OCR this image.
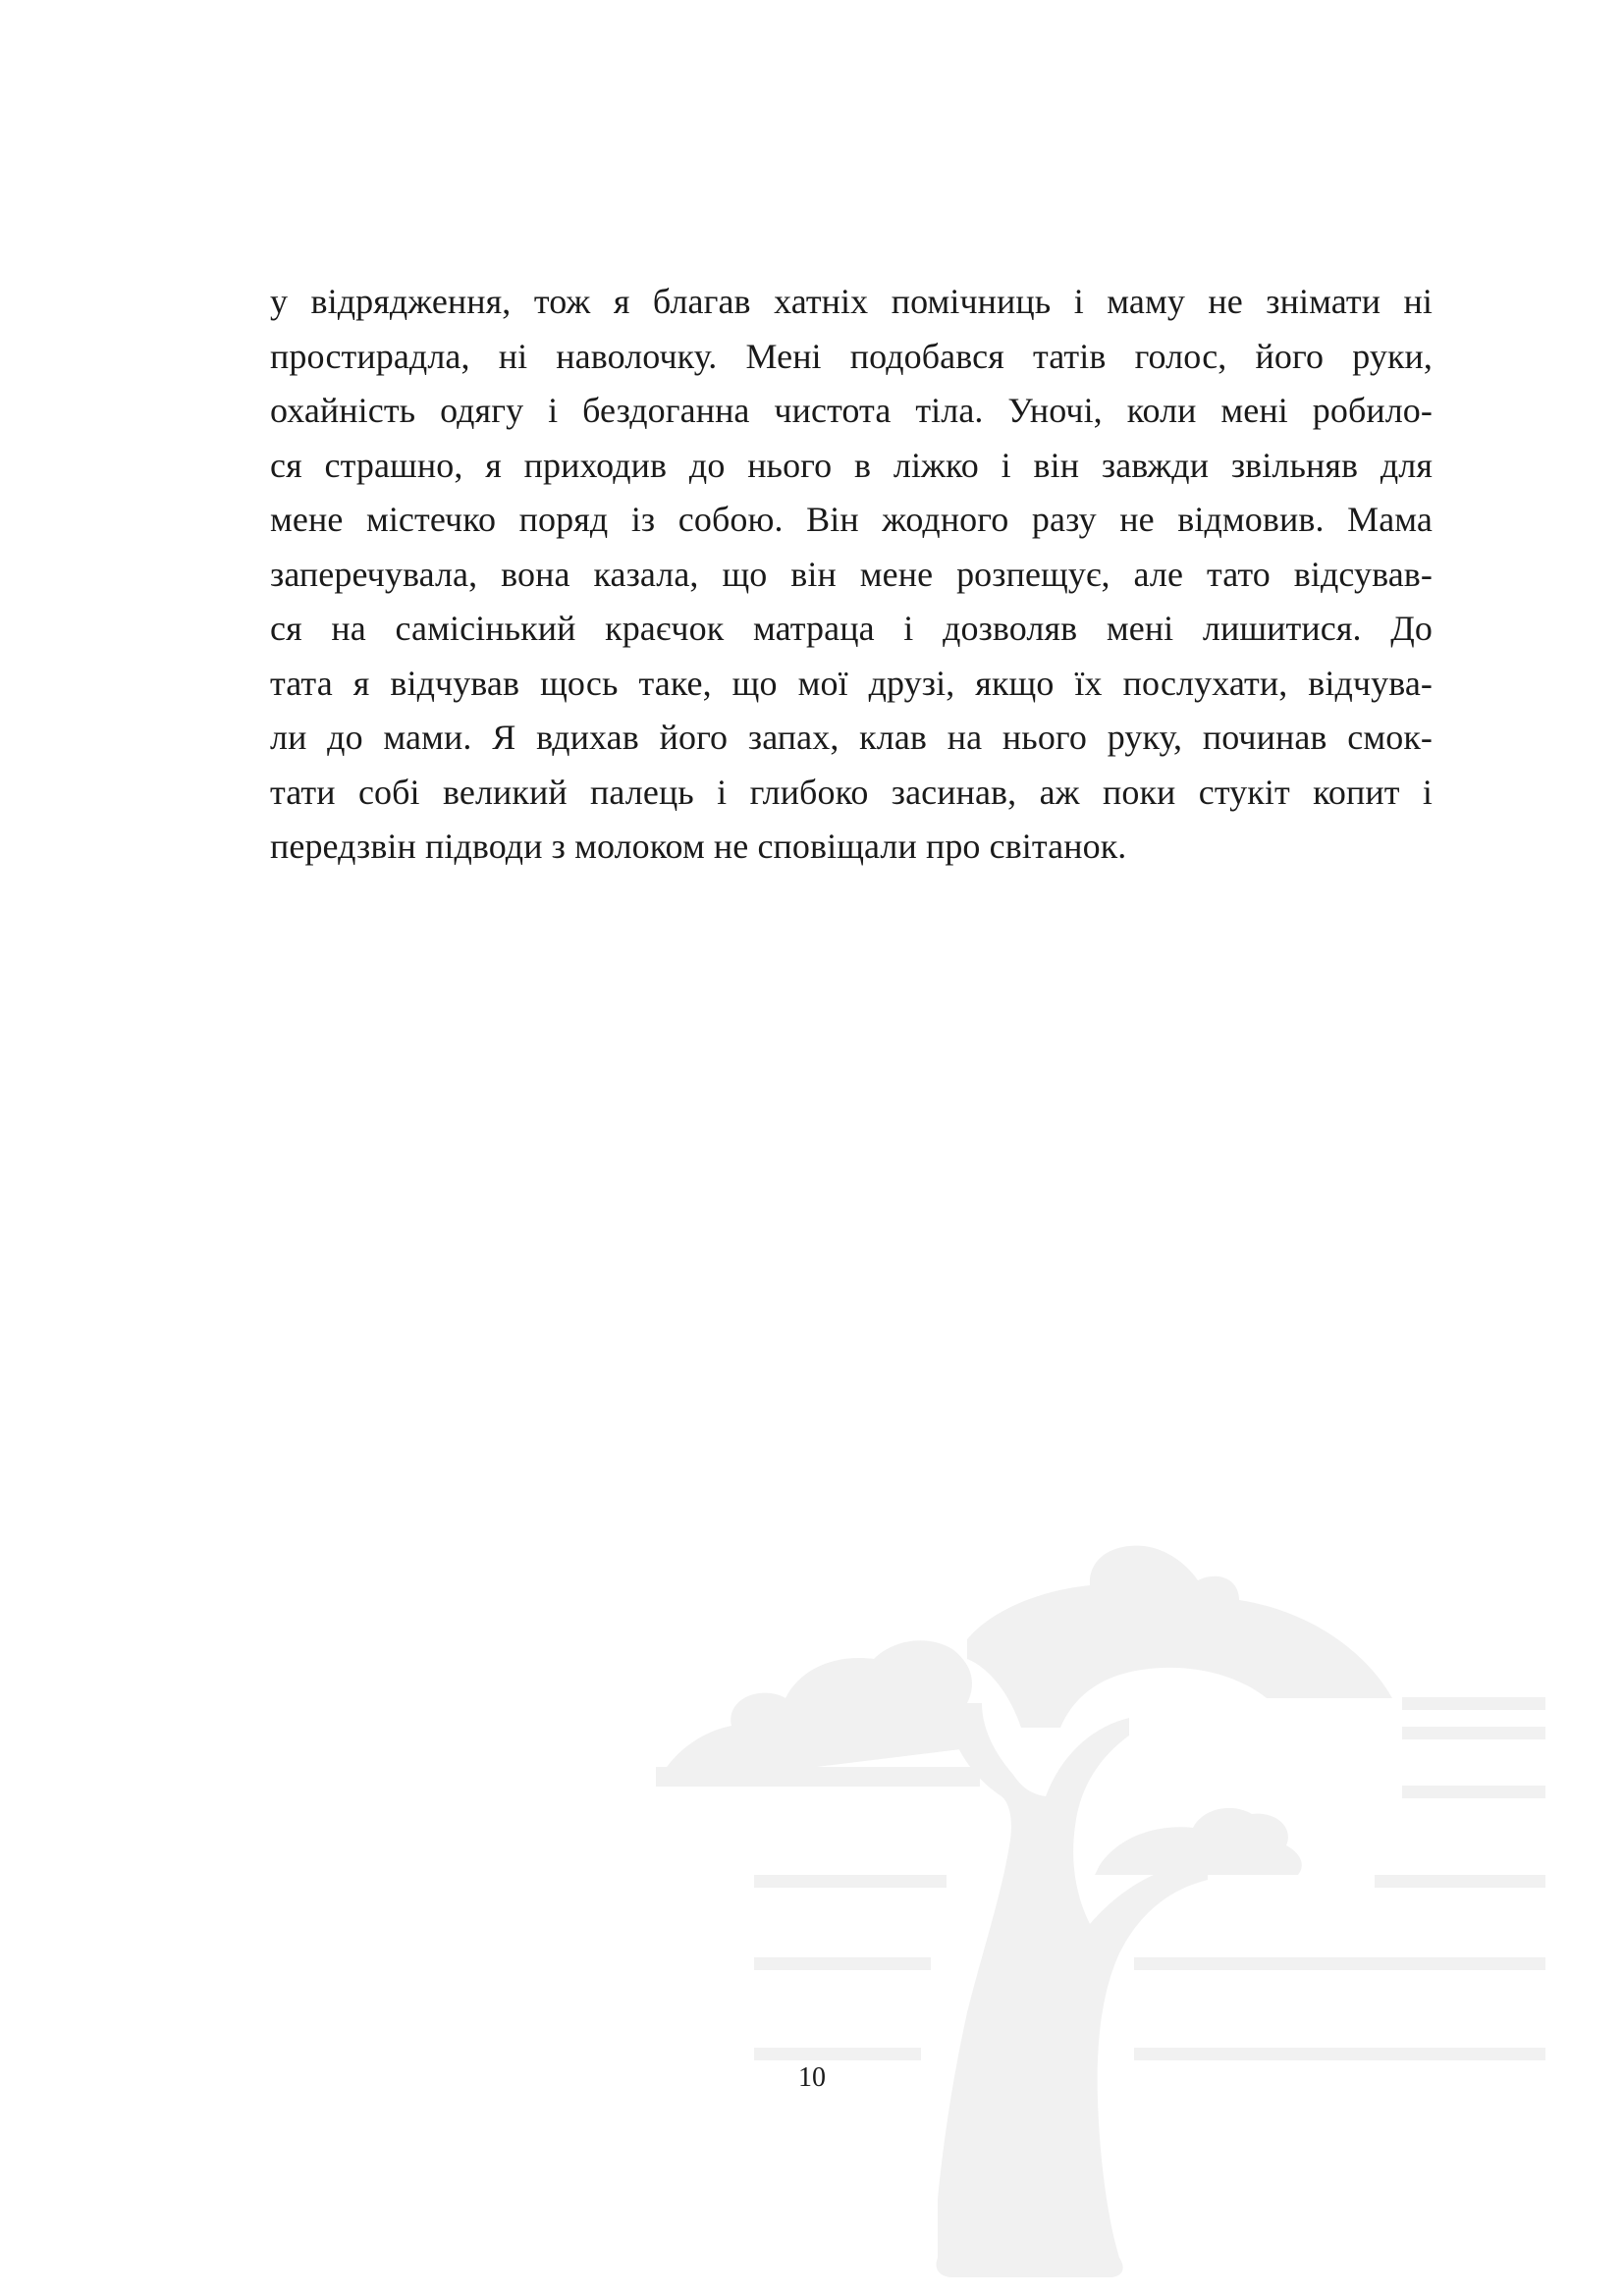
у відрядження, тож я благав хатніх помічниць і маму не знімати ні
простирадла, ні наволочку. Мені подобався татів голос, його руки,
охайність одягу і бездоганна чистота тіла. Уночі, коли мені робило-
ся страшно, я приходив до нього в ліжко і він завжди звільняв для
мене містечко поряд із собою. Він жодного разу не відмовив. Мама
заперечувала, вона казала, що він мене розпещує, але тато відсував-
ся на самісінький краєчок матраца і дозволяв мені лишитися. До
тата я відчував щось таке, що мої друзі, якщо їх послухати, відчува-
ли до мами. Я вдихав його запах, клав на нього руку, починав смок-
тати собі великий палець і глибоко засинав, аж поки стукіт копит і
передзвін підводи з молоком не сповіщали про світанок.
10
